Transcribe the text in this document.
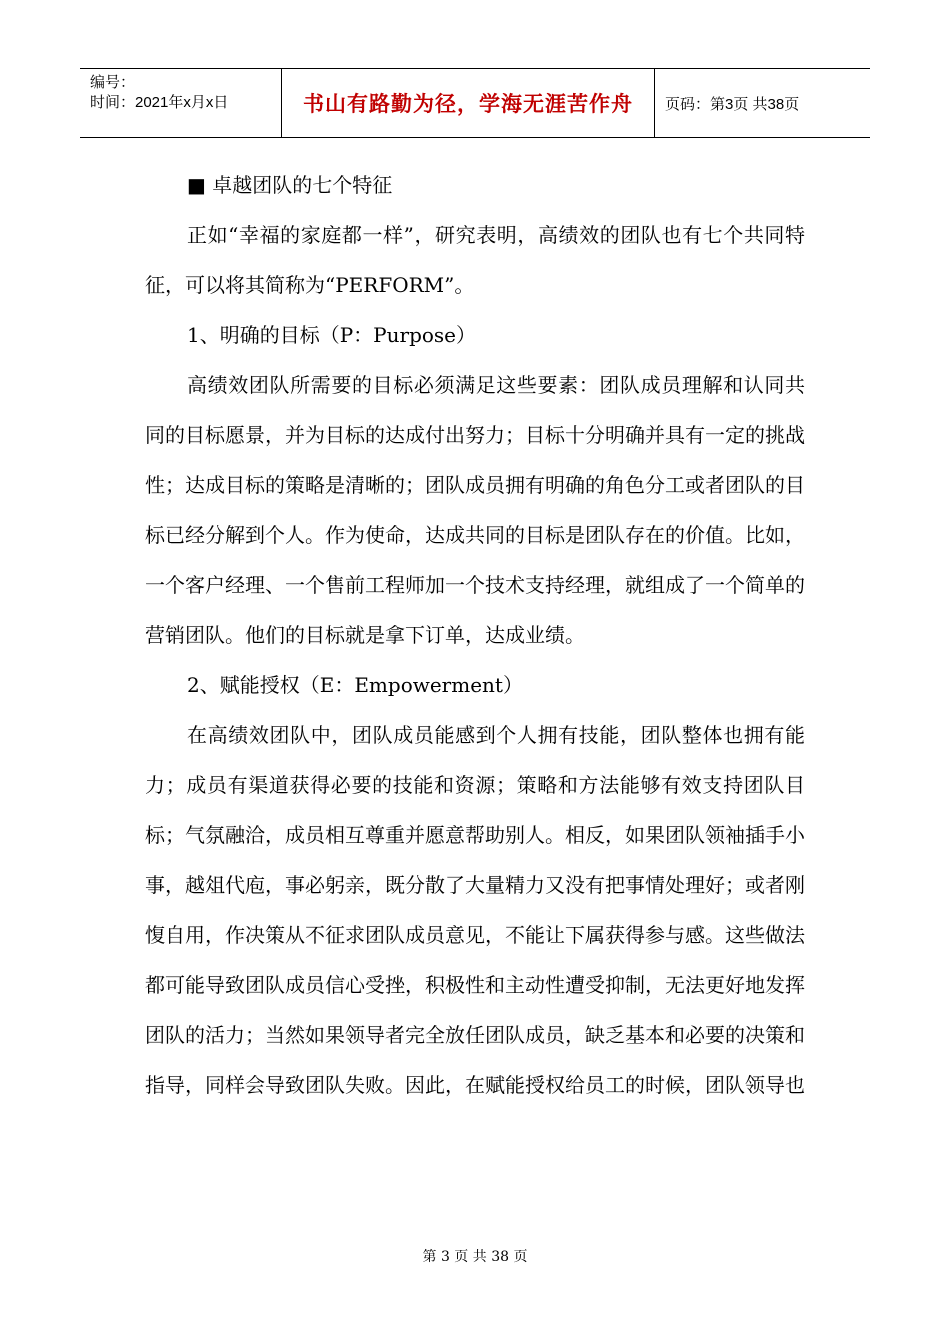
编号：
时间：2021年x月x日	书山有路勤为径，学海无涯苦作舟 页码：第3页 共38页

■ 卓越团队的七个特征

正如“幸福的家庭都一样”，研究表明，高绩效的团队也有七个共同特征，可以将其简称为“PERFORM”。

1、明确的目标（P：Purpose）

高绩效团队所需要的目标必须满足这些要素：团队成员理解和认同共同的目标愿景，并为目标的达成付出努力；目标十分明确并具有一定的挑战性；达成目标的策略是清晰的；团队成员拥有明确的角色分工或者团队的目标已经分解到个人。作为使命，达成共同的目标是团队存在的价值。比如，一个客户经理、一个售前工程师加一个技术支持经理，就组成了一个简单的营销团队。他们的目标就是拿下订单，达成业绩。

2、赋能授权（E：Empowerment）

在高绩效团队中，团队成员能感到个人拥有技能，团队整体也拥有能力；成员有渠道获得必要的技能和资源；策略和方法能够有效支持团队目标；气氛融洽，成员相互尊重并愿意帮助别人。相反，如果团队领袖插手小事，越俎代庖，事必躬亲，既分散了大量精力又没有把事情处理好；或者刚愎自用，作决策从不征求团队成员意见，不能让下属获得参与感。这些做法都可能导致团队成员信心受挫，积极性和主动性遭受抑制，无法更好地发挥团队的活力；当然如果领导者完全放任团队成员，缺乏基本和必要的决策和指导，同样会导致团队失败。因此，在赋能授权给员工的时候，团队领导也

第 3 页 共 38 页
